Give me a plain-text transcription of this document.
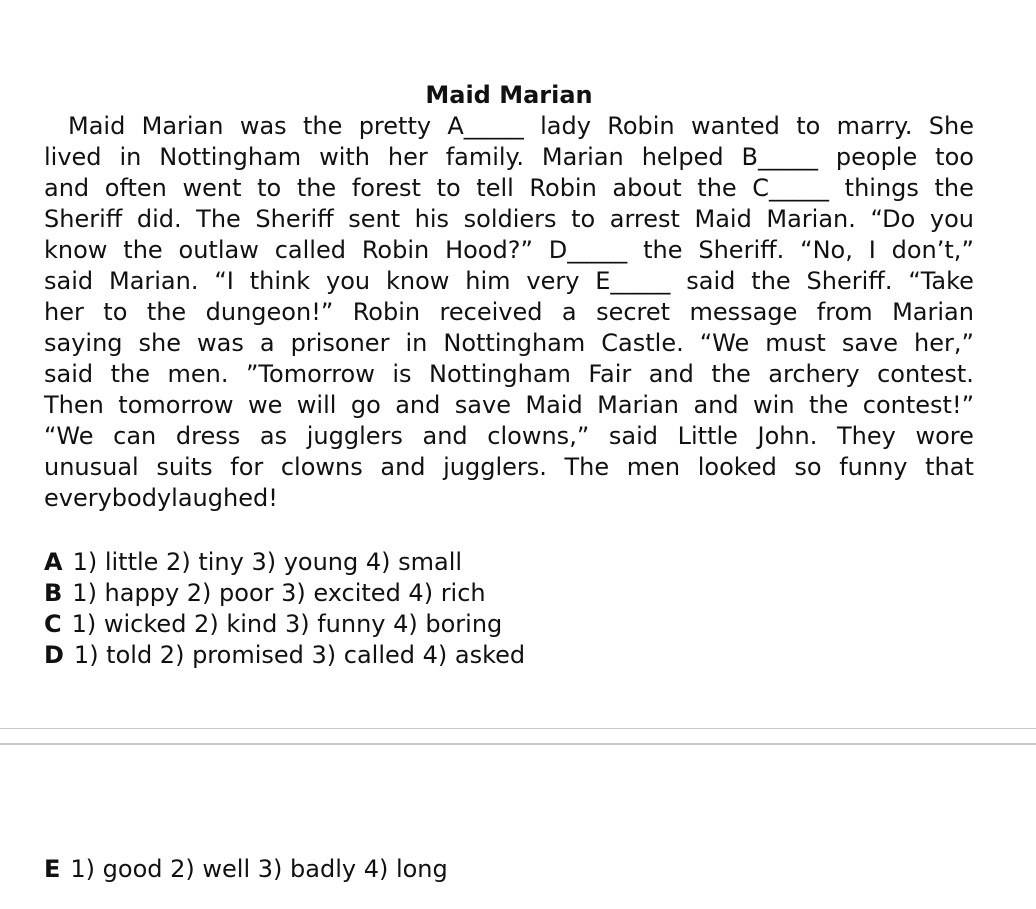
Maid Marian
Maid Marian was the pretty A_____ lady Robin wanted to marry. She
lived in Nottingham with her family. Marian helped B_____ people too
and often went to the forest to tell Robin about the C_____ things the
Sheriff did. The Sheriff sent his soldiers to arrest Maid Marian. “Do you
know the outlaw called Robin Hood?” D_____ the Sheriff. “No, I don’t,”
said Marian. “I think you know him very E_____ said the Sheriff. “Take
her to the dungeon!” Robin received a secret message from Marian
saying she was a prisoner in Nottingham Castle. “We must save her,”
said the men. ”Tomorrow is Nottingham Fair and the archery contest.
Then tomorrow we will go and save Maid Marian and win the contest!”
“We can dress as jugglers and clowns,” said Little John. They wore
unusual suits for clowns and jugglers. The men looked so funny that
everybody laughed!
A 1) little 2) tiny 3) young 4) small
B 1) happy 2) poor 3) excited 4) rich
C 1) wicked 2) kind 3) funny 4) boring
D 1) told 2) promised 3) called 4) asked
E 1) good 2) well 3) badly 4) long
